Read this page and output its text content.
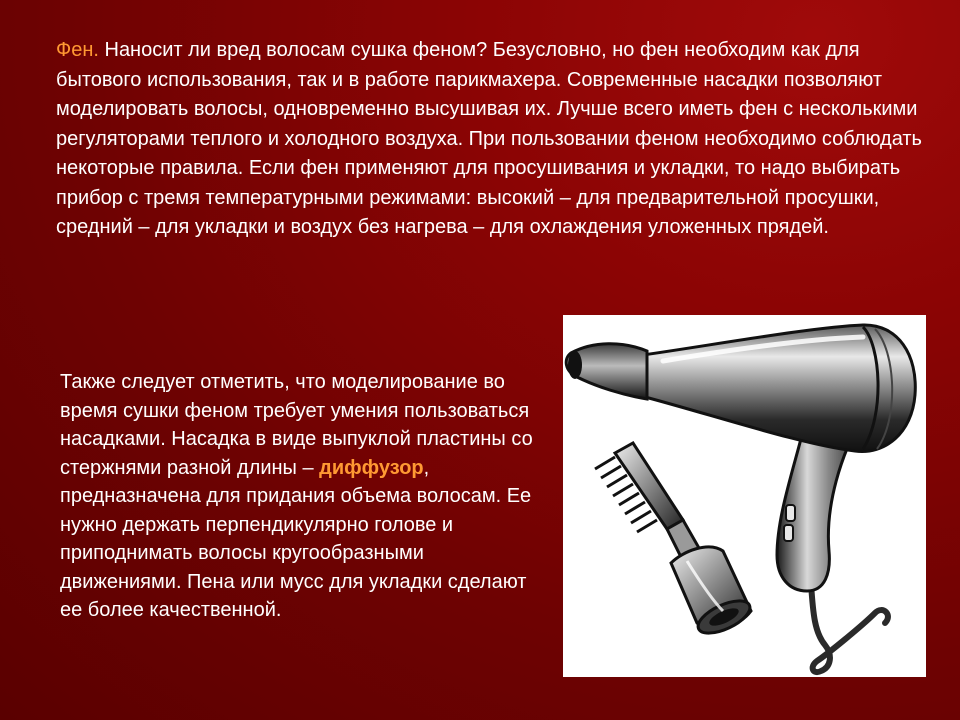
Фен. Наносит ли вред волосам сушка феном? Безусловно, но фен необходим как для бытового использования, так и в работе парикмахера. Современные насадки позволяют моделировать волосы, одновременно высушивая их. Лучше всего иметь фен с несколькими регуляторами теплого и холодного воздуха. При пользовании феном необходимо соблюдать некоторые правила. Если фен применяют для просушивания и укладки, то надо выбирать прибор с тремя температурными режимами: высокий – для предварительной просушки, средний – для укладки и воздух без нагрева – для охлаждения уложенных прядей.

Также следует отметить, что моделирование во время сушки феном требует умения пользоваться насадками. Насадка в виде выпуклой пластины со стержнями разной длины – диффузор, предназначена для придания объема волосам. Ее нужно держать перпендикулярно голове и приподнимать волосы кругообразными движениями. Пена или мусс для укладки сделают ее более качественной.
